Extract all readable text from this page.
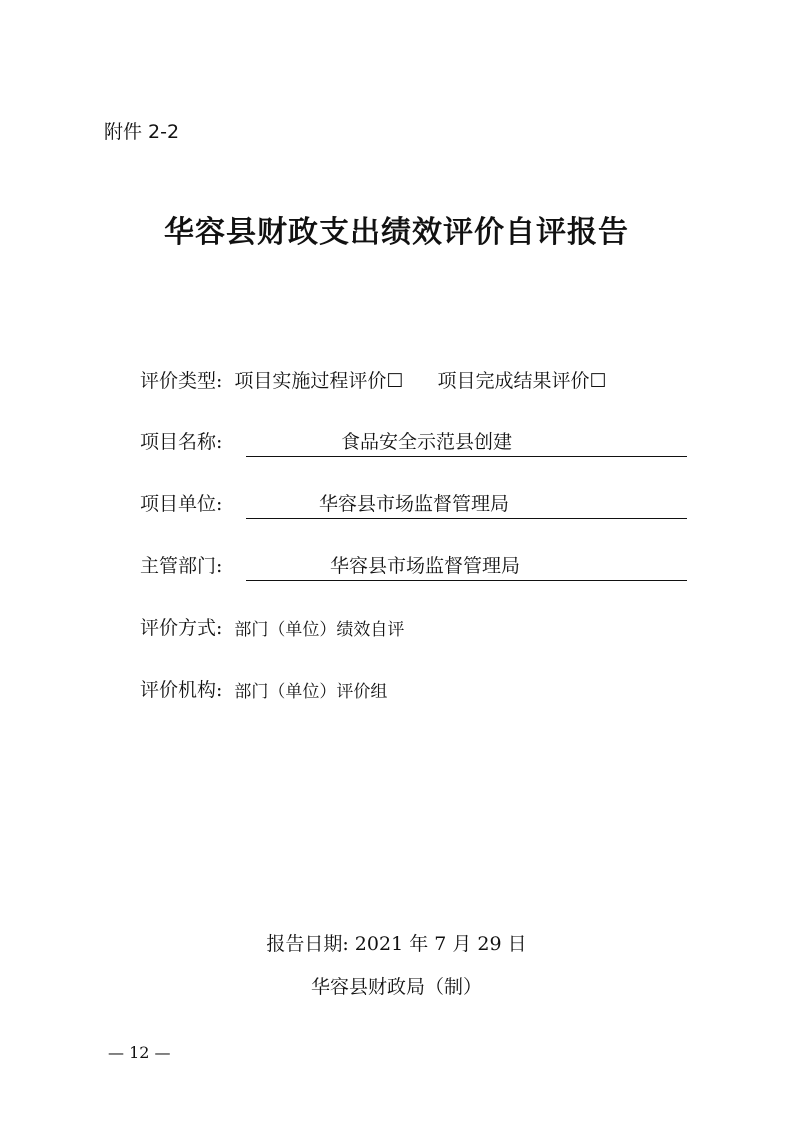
附件 2-2
华容县财政支出绩效评价自评报告
评价类型: 项目实施过程评价☐ 项目完成结果评价☐
项目名称:	食品安全示范县创建
项目单位:	华容县市场监督管理局
主管部门:	华容县市场监督管理局
评价方式: 部门（单位）绩效自评
评价机构: 部门（单位）评价组
报告日期: 2021 年 7 月 29 日
华容县财政局（制）
— 12 —
